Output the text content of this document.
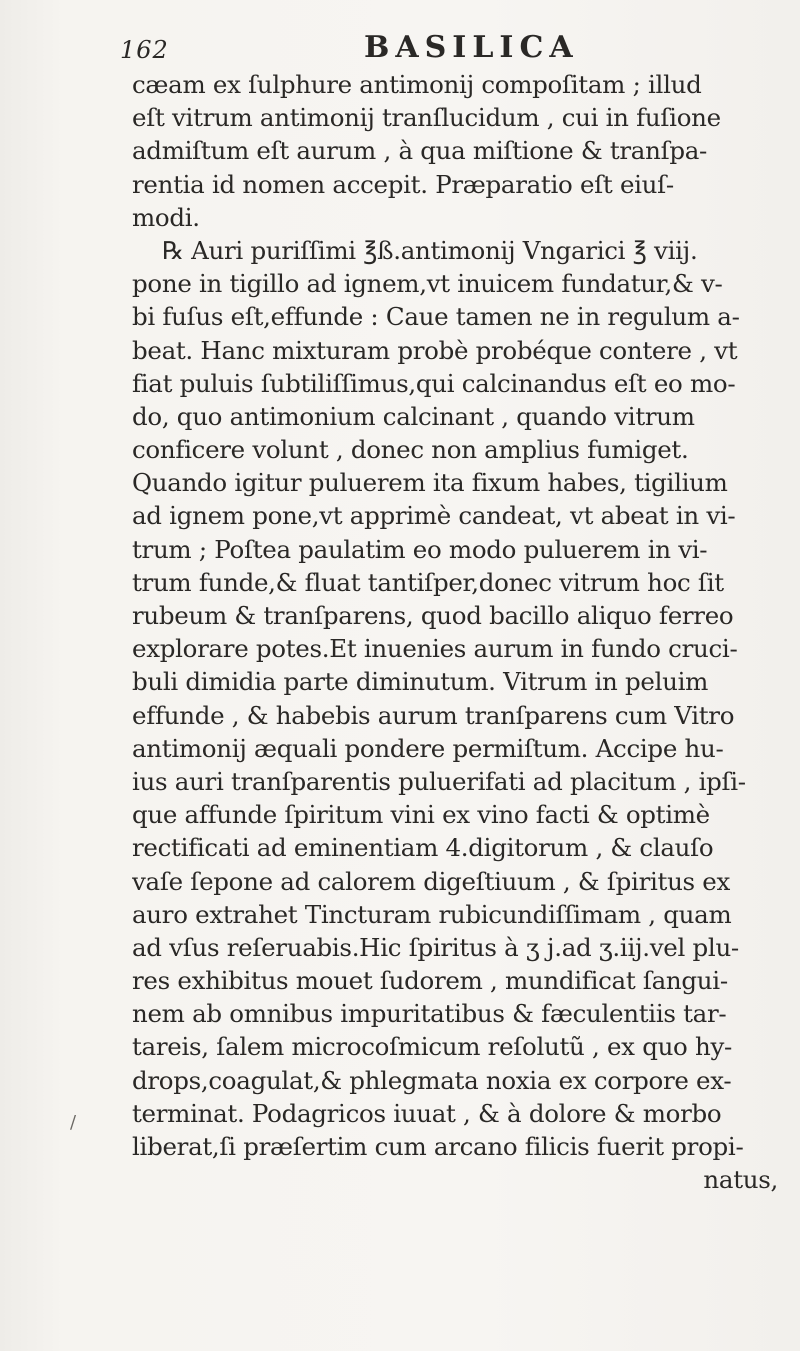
162	BASILICA
cæam ex ſulphure antimonij compoſitam ; illud
eſt vitrum antimonij tranſlucidum , cui in fuſione
admiſtum eſt aurum , à qua miſtione & tranſpa-
rentia id nomen accepit. Præparatio eſt eiuſ-
modi.
℞ Auri puriſſimi ℥ß.antimonij Vngarici ℥ viij.
pone in tigillo ad ignem,vt inuicem fundatur,& v-
bi fuſus eſt,effunde : Caue tamen ne in regulum a-
beat. Hanc mixturam probè probéque contere , vt
fiat puluis ſubtiliſſimus,qui calcinandus eſt eo mo-
do, quo antimonium calcinant , quando vitrum
conficere volunt , donec non amplius fumiget.
Quando igitur puluerem ita fixum habes, tigilium
ad ignem pone,vt apprimè candeat, vt abeat in vi-
trum ; Poſtea paulatim eo modo puluerem in vi-
trum funde,& fluat tantiſper,donec vitrum hoc ſit
rubeum & tranſparens, quod bacillo aliquo ferreo
explorare potes.Et inuenies aurum in fundo cruci-
buli dimidia parte diminutum. Vitrum in peluim
effunde , & habebis aurum tranſparens cum Vitro
antimonij æquali pondere permiſtum. Accipe hu-
ius auri tranſparentis puluerifati ad placitum , ipſi-
que affunde ſpiritum vini ex vino facti & optimè
rectificati ad eminentiam 4.digitorum , & clauſo
vaſe ſepone ad calorem digeſtiuum , & ſpiritus ex
auro extrahet Tincturam rubicundiſſimam , quam
ad vſus reſeruabis.Hic ſpiritus à ʒ j.ad ʒ.iij.vel plu-
res exhibitus mouet ſudorem , mundificat ſangui-
nem ab omnibus impuritatibus & fæculentiis tar-
tareis, ſalem microcoſmicum reſolutũ , ex quo hy-
drops,coagulat,& phlegmata noxia ex corpore ex-
terminat. Podagricos iuuat , & à dolore & morbo
liberat,ſi præſertim cum arcano filicis fuerit propi-
natus,
/
